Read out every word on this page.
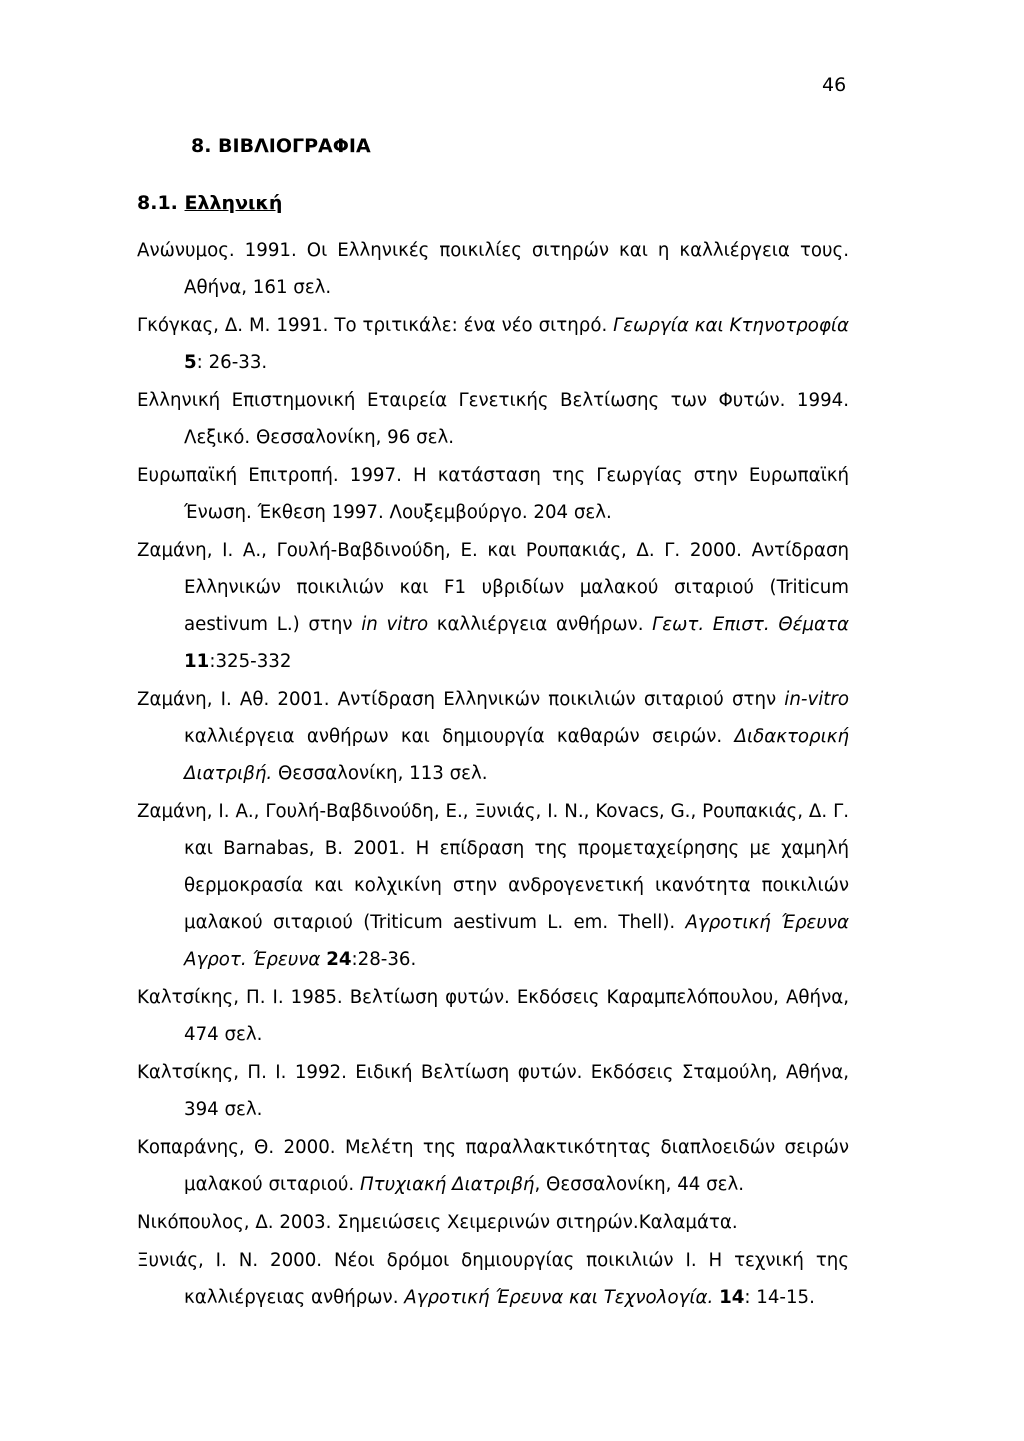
46
8. ΒΙΒΛΙΟΓΡΑΦΙΑ
8.1. Ελληνική
Ανώνυμος. 1991. Οι Ελληνικές ποικιλίες σιτηρών και η καλλιέργεια τους. Αθήνα, 161 σελ.
Γκόγκας, Δ. Μ. 1991. Το τριτικάλε: ένα νέο σιτηρό. Γεωργία και Κτηνοτροφία 5: 26-33.
Ελληνική Επιστημονική Εταιρεία Γενετικής Βελτίωσης των Φυτών. 1994. Λεξικό. Θεσσαλονίκη, 96 σελ.
Ευρωπαϊκή Επιτροπή. 1997. Η κατάσταση της Γεωργίας στην Ευρωπαϊκή Ένωση. Έκθεση 1997. Λουξεμβούργο. 204 σελ.
Ζαμάνη, Ι. Α., Γουλή-Βαβδινούδη, Ε. και Ρουπακιάς, Δ. Γ. 2000. Αντίδραση Ελληνικών ποικιλιών και F1 υβριδίων μαλακού σιταριού (Triticum aestivum L.) στην in vitro καλλιέργεια ανθήρων. Γεωτ. Επιστ. Θέματα 11:325-332
Ζαμάνη, Ι. Αθ. 2001. Αντίδραση Ελληνικών ποικιλιών σιταριού στην in-vitro καλλιέργεια ανθήρων και δημιουργία καθαρών σειρών. Διδακτορική Διατριβή. Θεσσαλονίκη, 113 σελ.
Ζαμάνη, Ι. Α., Γουλή-Βαβδινούδη, Ε., Ξυνιάς, Ι. Ν., Kovacs, G., Ρουπακιάς, Δ. Γ. και Barnabas, Β. 2001. Η επίδραση της προμεταχείρησης με χαμηλή θερμοκρασία και κολχικίνη στην ανδρογενετική ικανότητα ποικιλιών μαλακού σιταριού (Triticum aestivum L. em. Thell). Αγροτική Έρευνα Αγροτ. Έρευνα 24:28-36.
Καλτσίκης, Π. Ι. 1985. Βελτίωση φυτών. Εκδόσεις Καραμπελόπουλου, Αθήνα, 474 σελ.
Καλτσίκης, Π. Ι. 1992. Ειδική Βελτίωση φυτών. Εκδόσεις Σταμούλη, Αθήνα, 394 σελ.
Κοπαράνης, Θ. 2000. Μελέτη της παραλλακτικότητας διαπλοειδών σειρών μαλακού σιταριού. Πτυχιακή Διατριβή, Θεσσαλονίκη, 44 σελ.
Νικόπουλος, Δ. 2003. Σημειώσεις Χειμερινών σιτηρών.Καλαμάτα.
Ξυνιάς, Ι. Ν. 2000. Νέοι δρόμοι δημιουργίας ποικιλιών Ι. Η τεχνική της καλλιέργειας ανθήρων. Αγροτική Έρευνα και Τεχνολογία. 14: 14-15.
